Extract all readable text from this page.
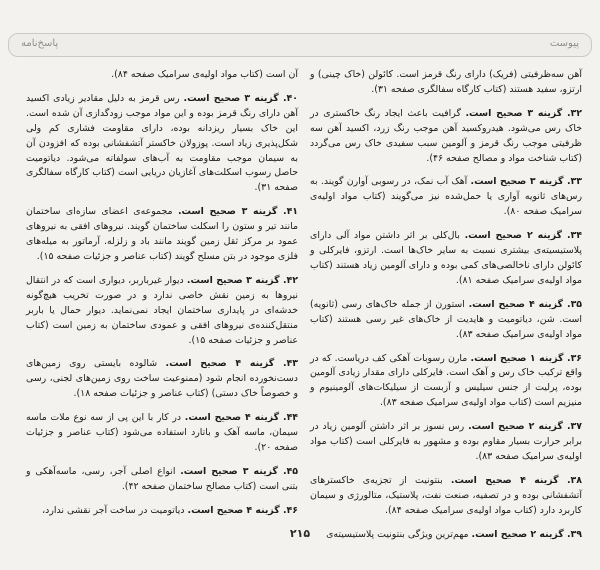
پاسخ‌نامه	پیوست

آهن سه‌ظرفیتی (فریک) دارای رنگ قرمز است. کائولن (خاک چینی) و ارتز‌و، سفید هستند (کتاب کارگاه سفالگری صفحه ۳۱).

۳۲. گزینه ۳ صحیح است. گرافیت باعث ایجاد رنگ خاکستری در خاک رس می‌شود. هیدروکسید آهن موجب رنگ زرد، اکسید آهن سه ظرفیتی موجب رنگ قرمز و آلومین سبب سفیدی خاک رس می‌گردد (کتاب شناخت مواد و مصالح صفحه ۴۶).

۳۳. گزینه ۳ صحیح است. آهک آب نمک، در رسوبی آوارن گویند. به رس‌های ثانویه آوار‌ی یا حمل‌شده نیز می‌گویند (کتاب مواد اولیه‌ی سرامیک صفحه ۸۰).

۳۴. گزینه ۲ صحیح است. بال‌کلی بر اثر داشتن مواد آلی دارای پلاستیسیته‌ی بیشتری نسبت به سایر خاک‌ها است. ارتز‌و، فایرکلی و کائولن دارای ناخالصی‌های کمی بوده و دارای آلومین زیاد هستند (کتاب مواد اولیه‌ی سرامیک صفحه ۸۱).

۳۵. گزینه ۴ صحیح است. استورن از جمله خاک‌های رسی (ثانویه) است. شن، دیاتومیت و هایدیت از خاک‌های غیر رسی هستند (کتاب مواد اولیه‌ی سرامیک صفحه ۸۳).

۳۶. گزینه ۱ صحیح است. مارن رسوبات آهکی کف دریاست. که در واقع ترکیب خاک رس و آهک است. فایرکلی دارای مقدار زیادی آلومین بوده، پرلیت از جنس سیلیس و آزبست از سیلیکات‌های آلومینیوم و منیزیم است (کتاب مواد اولیه‌ی سرامیک صفحه ۸۳).

۳۷. گزینه ۲ صحیح است. رس نسوز بر اثر داشتن آلومین زیاد در برابر حرارت بسیار مقاوم بوده و مشهور به فایرکلی است (کتاب مواد اولیه‌ی سرامیک صفحه ۸۳).

۳۸. گزینه ۴ صحیح است. بنتونیت از تجزیه‌ی خاکسترهای آتشفشانی بوده و در تصفیه، صنعت نفت، پلاستیک، متالورژی و سیمان کاربرد دارد (کتاب مواد اولیه‌ی سرامیک صفحه ۸۴).

۳۹. گزینه ۲ صحیح است. مهم‌ترین ویژگی بنتونیت پلاستیسیته‌ی

آن است (کتاب مواد اولیه‌ی سرامیک صفحه ۸۴).

۴۰. گزینه ۳ صحیح است. رس قرمز به دلیل مقادیر زیادی اکسید آهن دارای رنگ قرمز بوده و این مواد موجب زودگدازی آن شده است. این خاک بسیار ریزدانه بوده، دارای مقاومت فشاری کم ولی شکل‌پذیری زیاد است. پوزولان خاکستر آتشفشانی بوده که افزودن آن به سیمان موجب مقاومت به آب‌های سولفاته می‌شود. دیاتومیت حاصل رسوب اسکلت‌های آغازیان دریایی است (کتاب کارگاه سفالگری صفحه ۳۱).

۴۱. گزینه ۳ صحیح است. مجموعه‌ی اعضای سازه‌ای ساختمان مانند تیر و ستون را اسکلت ساختمان گویند. نیروهای افقی به نیروهای عمود بر مرکز ثقل زمین گویند مانند باد و زلزله. آرماتور به میله‌های فلزی موجود در بتن مسلح گویند (کتاب عناصر و جزئیات صفحه ۱۵).

۴۲. گزینه ۳ صحیح است. دیوار غیرباربر، دیواری است که در انتقال نیروها به زمین نقش خاصی ندارد و در صورت تخریب هیچ‌گونه خدشه‌ای در پایداری ساختمان ایجاد نمی‌نماید. دیوار حمال یا باربر منتقل‌کننده‌ی نیروهای افقی و عمودی ساختمان به زمین است (کتاب عناصر و جزئیات صفحه ۱۵).

۴۳. گزینه ۴ صحیح است. شالوده بایستی روی زمین‌های دست‌نخورده انجام شود (ممنوعیت ساخت روی زمین‌های لجنی، رسی و خصوصاً خاک دستی) (کتاب عناصر و جزئیات صفحه ۱۸).

۴۴. گزینه ۴ صحیح است. در کار با این پی از سه نوع ملات ماسه سیمان، ماسه آهک و باتارد استفاده می‌شود (کتاب عناصر و جزئیات صفحه ۲۰).

۴۵. گزینه ۳ صحیح است. انواع اصلی آجر، رسی، ماسه‌آهکی و بتنی است (کتاب مصالح ساختمان صفحه ۴۲).

۴۶. گزینه ۴ صحیح است. دیاتومیت در ساخت آجر نقشی ندارد،

۲۱۵
